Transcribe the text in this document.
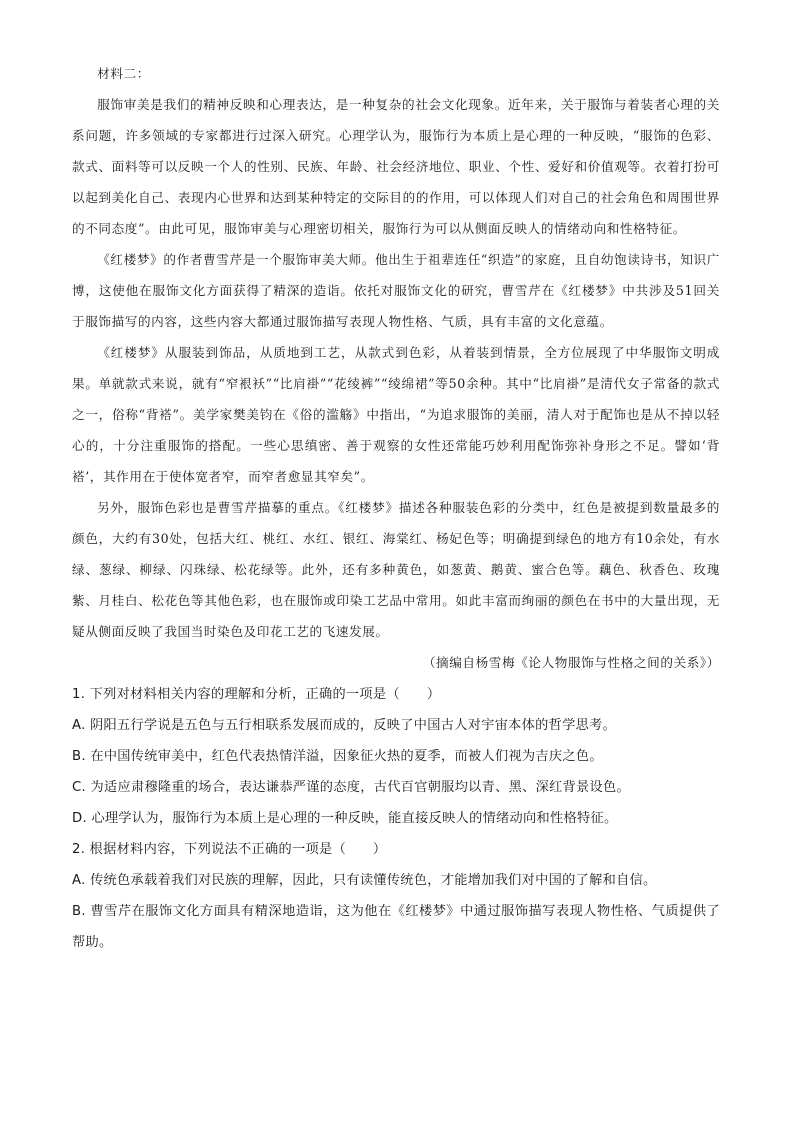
材料二：

服饰审美是我们的精神反映和心理表达，是一种复杂的社会文化现象。近年来，关于服饰与着装者心理的关系问题，许多领域的专家都进行过深入研究。心理学认为，服饰行为本质上是心理的一种反映，“服饰的色彩、款式、面料等可以反映一个人的性别、民族、年龄、社会经济地位、职业、个性、爱好和价值观等。衣着打扮可以起到美化自己、表现内心世界和达到某种特定的交际目的的作用，可以体现人们对自己的社会角色和周围世界的不同态度”。由此可见，服饰审美与心理密切相关，服饰行为可以从侧面反映人的情绪动向和性格特征。

《红楼梦》的作者曹雪芹是一个服饰审美大师。他出生于祖辈连任“织造”的家庭，且自幼饱读诗书，知识广博，这使他在服饰文化方面获得了精深的造诣。依托对服饰文化的研究，曹雪芹在《红楼梦》中共涉及51回关于服饰描写的内容，这些内容大都通过服饰描写表现人物性格、气质，具有丰富的文化意蕴。

《红楼梦》从服装到饰品，从质地到工艺，从款式到色彩，从着装到情景，全方位展现了中华服饰文明成果。单就款式来说，就有“窄裉袄”“比肩褂”“花绫裤”“绫绵裙”等50余种。其中“比肩褂”是清代女子常备的款式之一，俗称“背褡”。美学家樊美钧在《俗的滥觞》中指出，“为追求服饰的美丽，清人对于配饰也是从不掉以轻心的，十分注重服饰的搭配。一些心思缜密、善于观察的女性还常能巧妙利用配饰弥补身形之不足。譬如‘背褡’，其作用在于使体宽者窄，而窄者愈显其窄矣”。

另外，服饰色彩也是曹雪芹描摹的重点。《红楼梦》描述各种服装色彩的分类中，红色是被提到数量最多的颜色，大约有30处，包括大红、桃红、水红、银红、海棠红、杨妃色等；明确提到绿色的地方有10余处，有水绿、葱绿、柳绿、闪珠绿、松花绿等。此外，还有多种黄色，如葱黄、鹅黄、蜜合色等。藕色、秋香色、玫瑰紫、月桂白、松花色等其他色彩，也在服饰或印染工艺品中常用。如此丰富而绚丽的颜色在书中的大量出现，无疑从侧面反映了我国当时染色及印花工艺的飞速发展。

（摘编自杨雪梅《论人物服饰与性格之间的关系》）

1. 下列对材料相关内容的理解和分析，正确的一项是（　　）

A. 阴阳五行学说是五色与五行相联系发展而成的，反映了中国古人对宇宙本体的哲学思考。

B. 在中国传统审美中，红色代表热情洋溢，因象征火热的夏季，而被人们视为吉庆之色。

C. 为适应肃穆隆重的场合，表达谦恭严谨的态度，古代百官朝服均以青、黑、深红背景设色。

D. 心理学认为，服饰行为本质上是心理的一种反映，能直接反映人的情绪动向和性格特征。

2. 根据材料内容，下列说法不正确的一项是（　　）

A. 传统色承载着我们对民族的理解，因此，只有读懂传统色，才能增加我们对中国的了解和自信。

B. 曹雪芹在服饰文化方面具有精深地造诣，这为他在《红楼梦》中通过服饰描写表现人物性格、气质提供了帮助。
